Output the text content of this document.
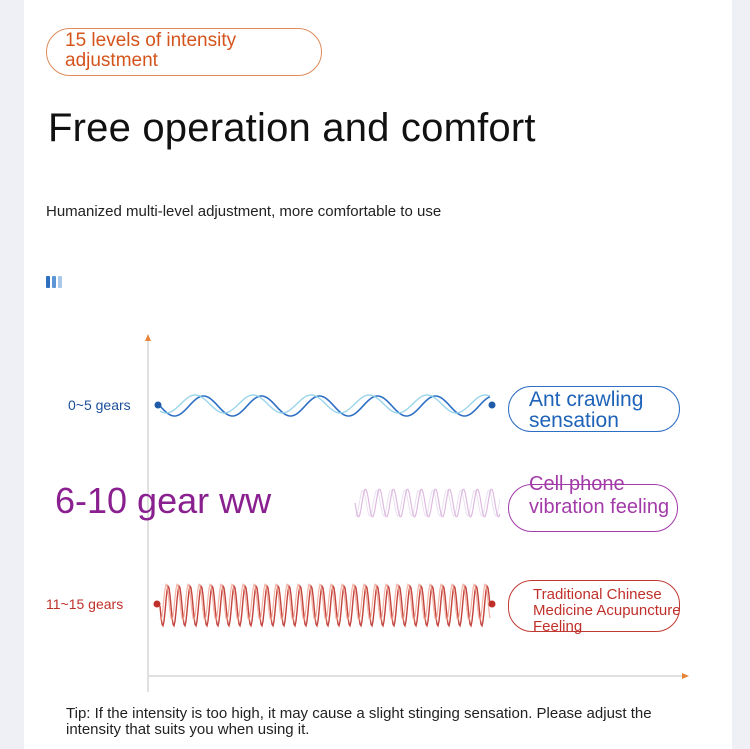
15 levels of intensity adjustment
Free operation and comfort
Humanized multi-level adjustment, more comfortable to use
0~5 gears
6-10 gear ww
11~15 gears
Ant crawling sensation
Cell phone vibration feeling
Traditional Chinese Medicine Acupuncture Feeling
Tip: If the intensity is too high, it may cause a slight stinging sensation. Please adjust the intensity that suits you when using it.
